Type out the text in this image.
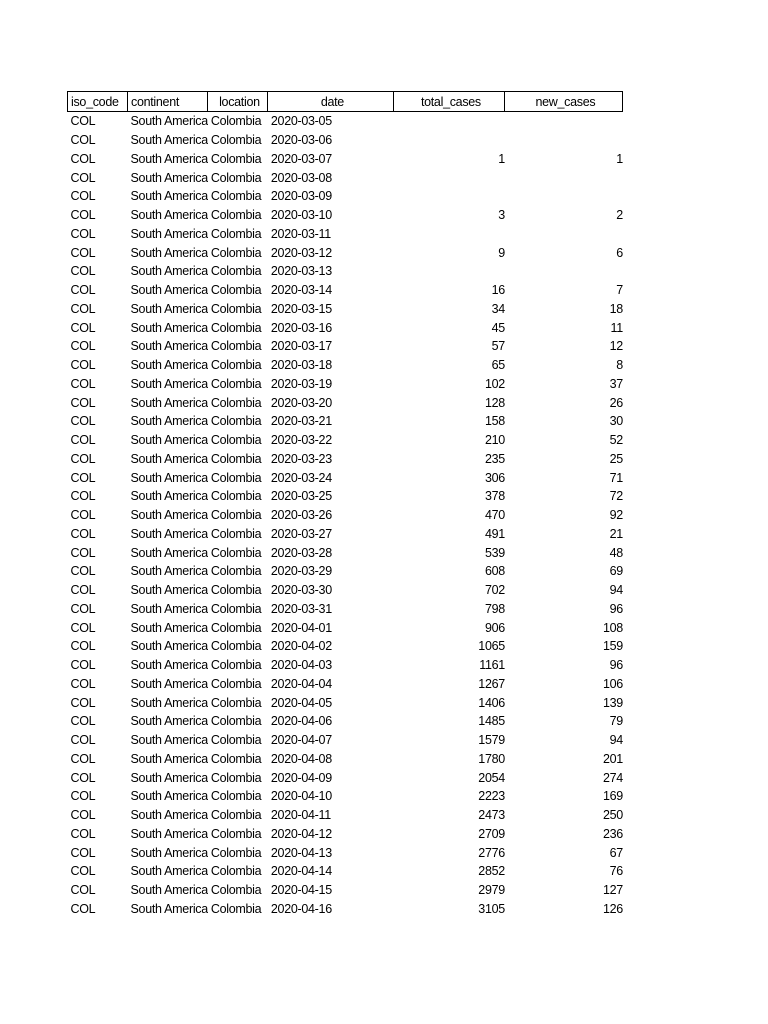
iso_code	continent	location	date	total_cases	new_cases
COL	South America	Colombia	2020-03-05		
COL	South America	Colombia	2020-03-06		
COL	South America	Colombia	2020-03-07	1	1
COL	South America	Colombia	2020-03-08		
COL	South America	Colombia	2020-03-09		
COL	South America	Colombia	2020-03-10	3	2
COL	South America	Colombia	2020-03-11		
COL	South America	Colombia	2020-03-12	9	6
COL	South America	Colombia	2020-03-13		
COL	South America	Colombia	2020-03-14	16	7
COL	South America	Colombia	2020-03-15	34	18
COL	South America	Colombia	2020-03-16	45	11
COL	South America	Colombia	2020-03-17	57	12
COL	South America	Colombia	2020-03-18	65	8
COL	South America	Colombia	2020-03-19	102	37
COL	South America	Colombia	2020-03-20	128	26
COL	South America	Colombia	2020-03-21	158	30
COL	South America	Colombia	2020-03-22	210	52
COL	South America	Colombia	2020-03-23	235	25
COL	South America	Colombia	2020-03-24	306	71
COL	South America	Colombia	2020-03-25	378	72
COL	South America	Colombia	2020-03-26	470	92
COL	South America	Colombia	2020-03-27	491	21
COL	South America	Colombia	2020-03-28	539	48
COL	South America	Colombia	2020-03-29	608	69
COL	South America	Colombia	2020-03-30	702	94
COL	South America	Colombia	2020-03-31	798	96
COL	South America	Colombia	2020-04-01	906	108
COL	South America	Colombia	2020-04-02	1065	159
COL	South America	Colombia	2020-04-03	1161	96
COL	South America	Colombia	2020-04-04	1267	106
COL	South America	Colombia	2020-04-05	1406	139
COL	South America	Colombia	2020-04-06	1485	79
COL	South America	Colombia	2020-04-07	1579	94
COL	South America	Colombia	2020-04-08	1780	201
COL	South America	Colombia	2020-04-09	2054	274
COL	South America	Colombia	2020-04-10	2223	169
COL	South America	Colombia	2020-04-11	2473	250
COL	South America	Colombia	2020-04-12	2709	236
COL	South America	Colombia	2020-04-13	2776	67
COL	South America	Colombia	2020-04-14	2852	76
COL	South America	Colombia	2020-04-15	2979	127
COL	South America	Colombia	2020-04-16	3105	126
